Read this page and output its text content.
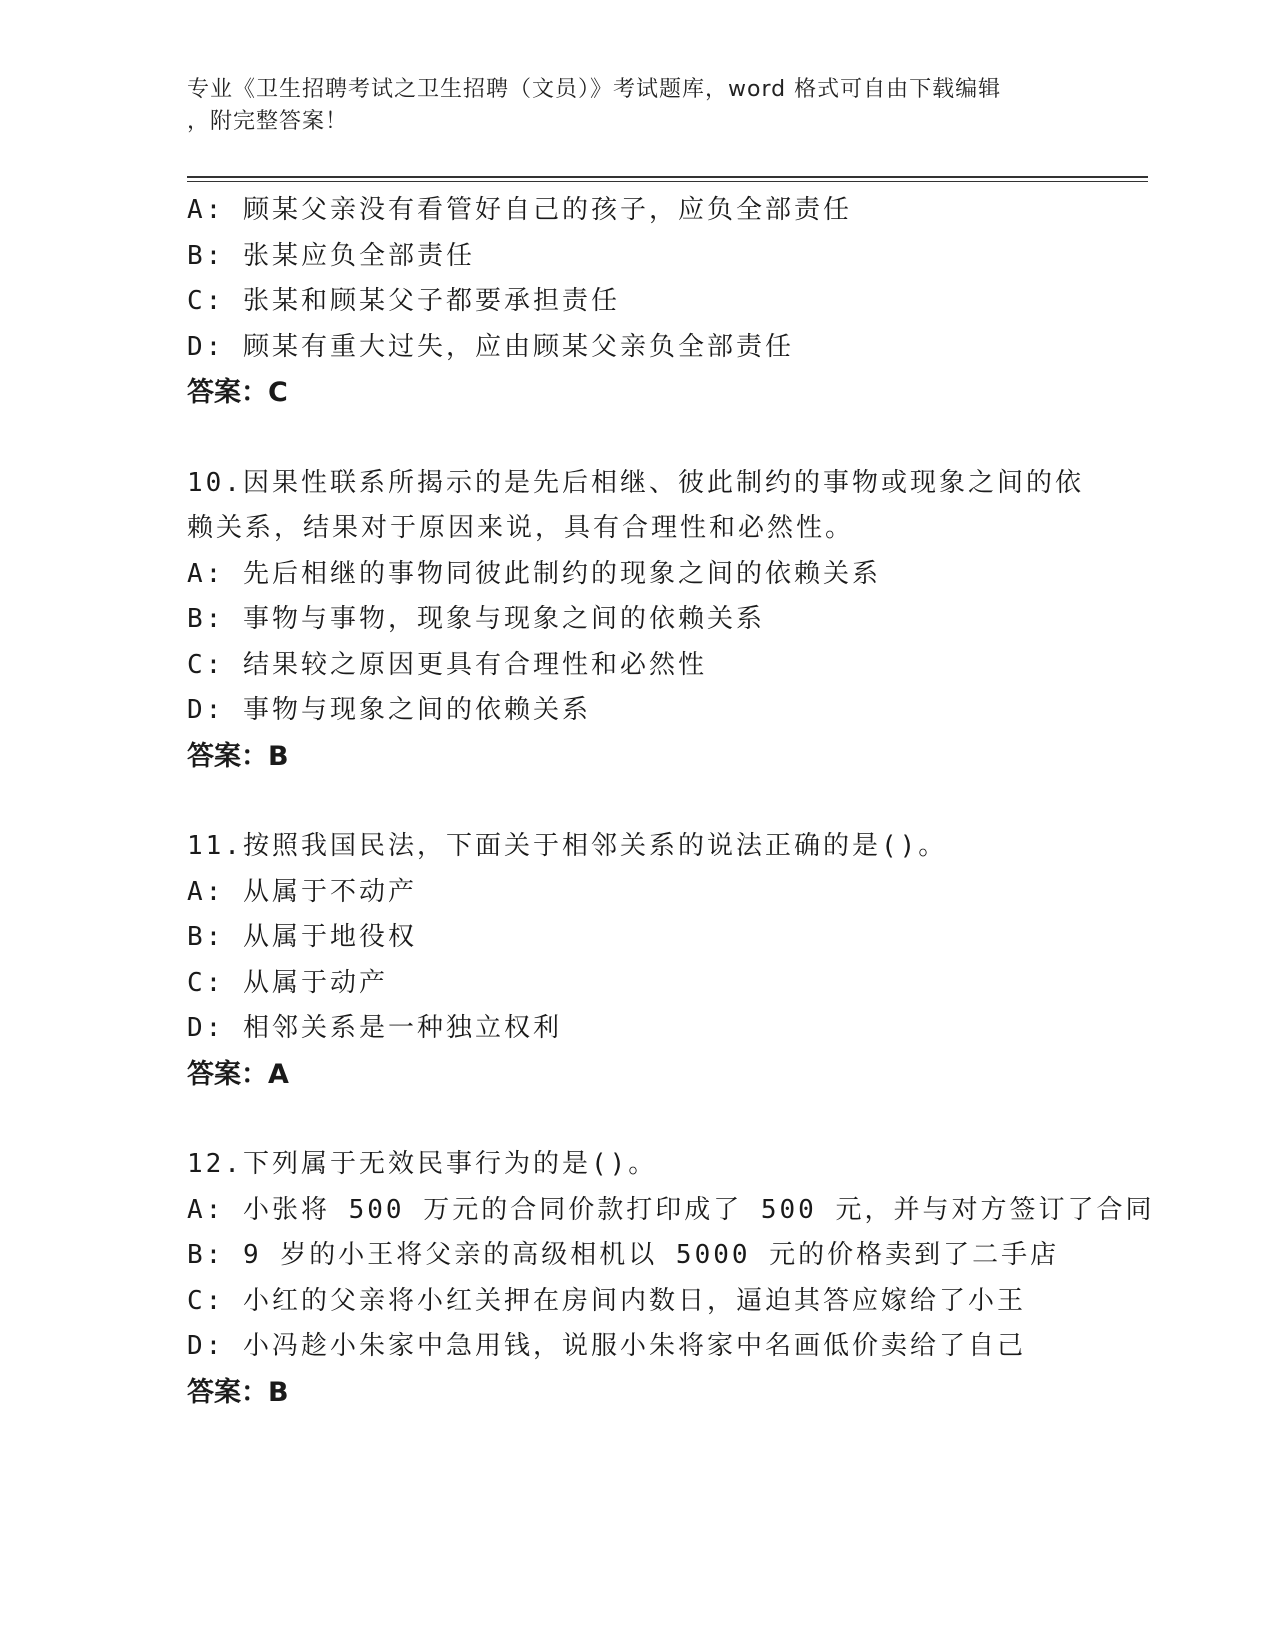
专业《卫生招聘考试之卫生招聘（文员）》考试题库，word 格式可自由下载编辑
，附完整答案！
A: 顾某父亲没有看管好自己的孩子，应负全部责任
B: 张某应负全部责任
C: 张某和顾某父子都要承担责任
D: 顾某有重大过失，应由顾某父亲负全部责任
答案：C
10.因果性联系所揭示的是先后相继、彼此制约的事物或现象之间的依
赖关系，结果对于原因来说，具有合理性和必然性。
A: 先后相继的事物同彼此制约的现象之间的依赖关系
B: 事物与事物，现象与现象之间的依赖关系
C: 结果较之原因更具有合理性和必然性
D: 事物与现象之间的依赖关系
答案：B
11.按照我国民法，下面关于相邻关系的说法正确的是()。
A: 从属于不动产
B: 从属于地役权
C: 从属于动产
D: 相邻关系是一种独立权利
答案：A
12.下列属于无效民事行为的是()。
A: 小张将 500 万元的合同价款打印成了 500 元，并与对方签订了合同
B: 9 岁的小王将父亲的高级相机以 5000 元的价格卖到了二手店
C: 小红的父亲将小红关押在房间内数日，逼迫其答应嫁给了小王
D: 小冯趁小朱家中急用钱，说服小朱将家中名画低价卖给了自己
答案：B
